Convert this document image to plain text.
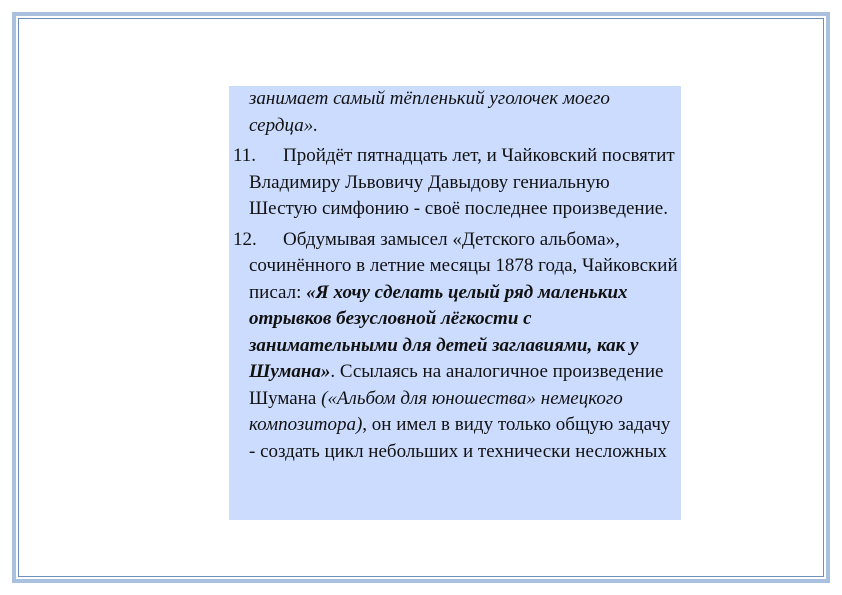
занимает самый тёпленький уголочек моего сердца».

11. Пройдёт пятнадцать лет, и Чайковский посвятит Владимиру Львовичу Давыдову гениальную Шестую симфонию - своё последнее произведение.

12. Обдумывая замысел «Детского альбома», сочинённого в летние месяцы 1878 года, Чайковский писал: «Я хочу сделать целый ряд маленьких отрывков безусловной лёгкости с занимательными для детей заглавиями, как у Шумана». Ссылаясь на аналогичное произведение Шумана («Альбом для юношества» немецкого композитора), он имел в виду только общую задачу - создать цикл небольших и технически несложных
